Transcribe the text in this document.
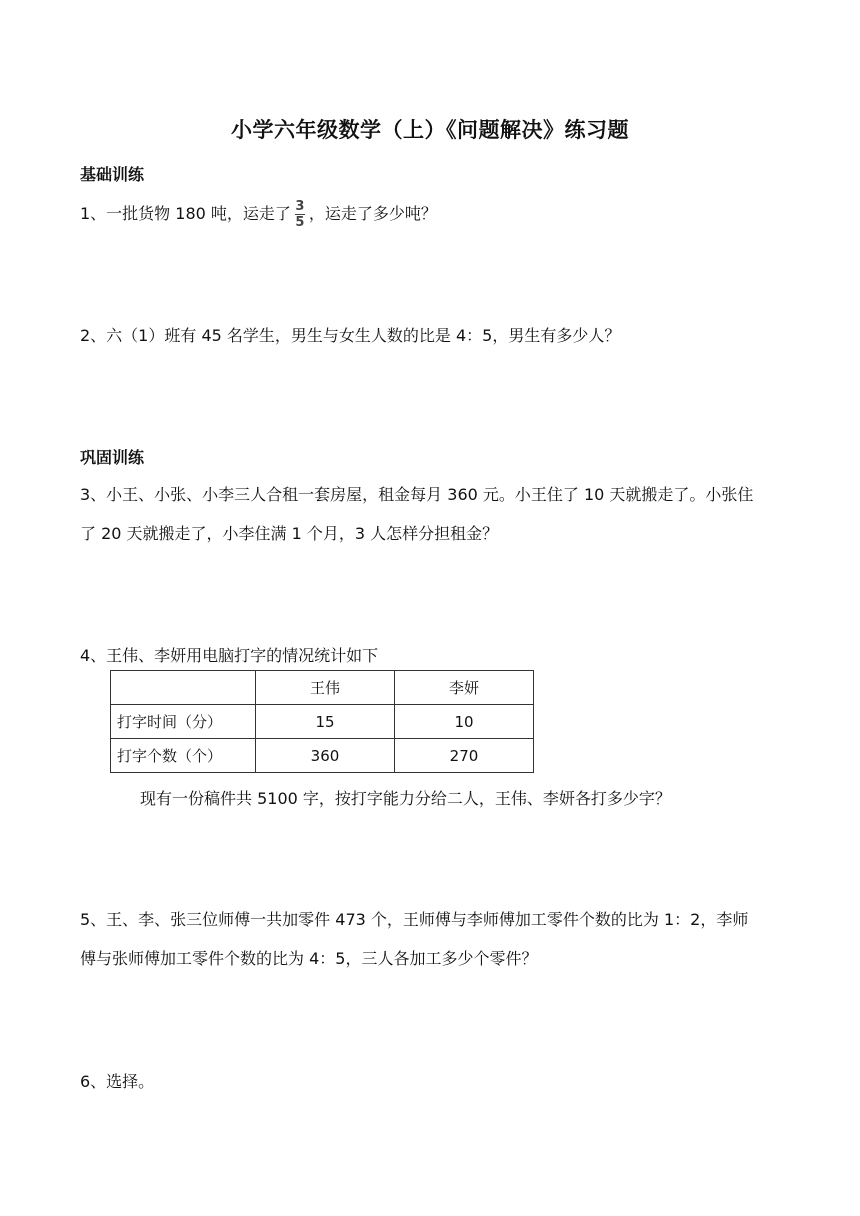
小学六年级数学（上）《问题解决》练习题
基础训练
1、一批货物 180 吨，运走了 $\frac{3}{5}$ ，运走了多少吨？
2、六（1）班有 45 名学生，男生与女生人数的比是 4：5，男生有多少人？
巩固训练
3、小王、小张、小李三人合租一套房屋，租金每月 360 元。小王住了 10 天就搬走了。小张住
了 20 天就搬走了，小李住满 1 个月，3 人怎样分担租金？
4、王伟、李妍用电脑打字的情况统计如下
	王伟	李妍
打字时间（分）	15	10
打字个数（个）	360	270
现有一份稿件共 5100 字，按打字能力分给二人，王伟、李妍各打多少字？
5、王、李、张三位师傅一共加零件 473 个，王师傅与李师傅加工零件个数的比为 1：2，李师
傅与张师傅加工零件个数的比为 4：5，三人各加工多少个零件？
6、选择。
